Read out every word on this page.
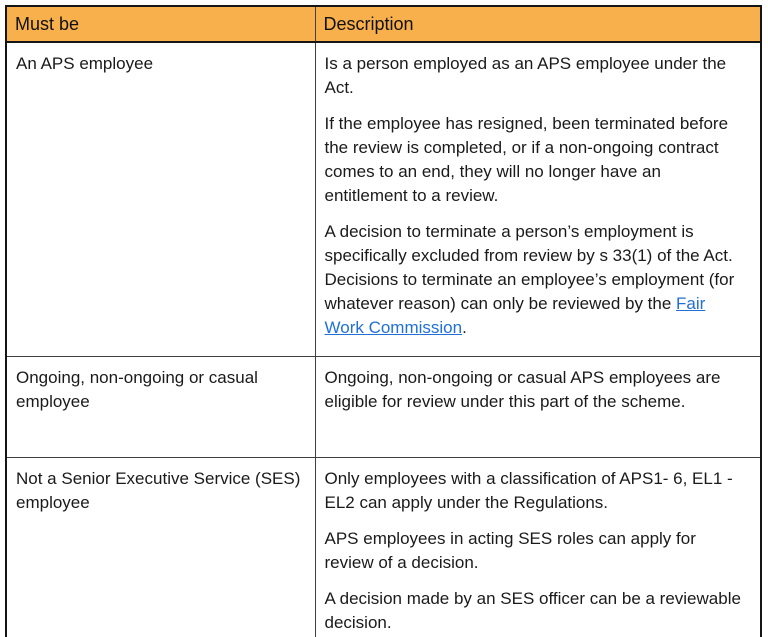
Must be	Description
An APS employee	Is a person employed as an APS employee under the Act.

If the employee has resigned, been terminated before the review is completed, or if a non-ongoing contract comes to an end, they will no longer have an entitlement to a review.

A decision to terminate a person’s employment is specifically excluded from review by s 33(1) of the Act. Decisions to terminate an employee’s employment (for whatever reason) can only be reviewed by the Fair Work Commission.

Ongoing, non-ongoing or casual employee	Ongoing, non-ongoing or casual APS employees are eligible for review under this part of the scheme.

Not a Senior Executive Service (SES) employee	Only employees with a classification of APS1- 6, EL1 - EL2 can apply under the Regulations.

APS employees in acting SES roles can apply for review of a decision.

A decision made by an SES officer can be a reviewable decision.
